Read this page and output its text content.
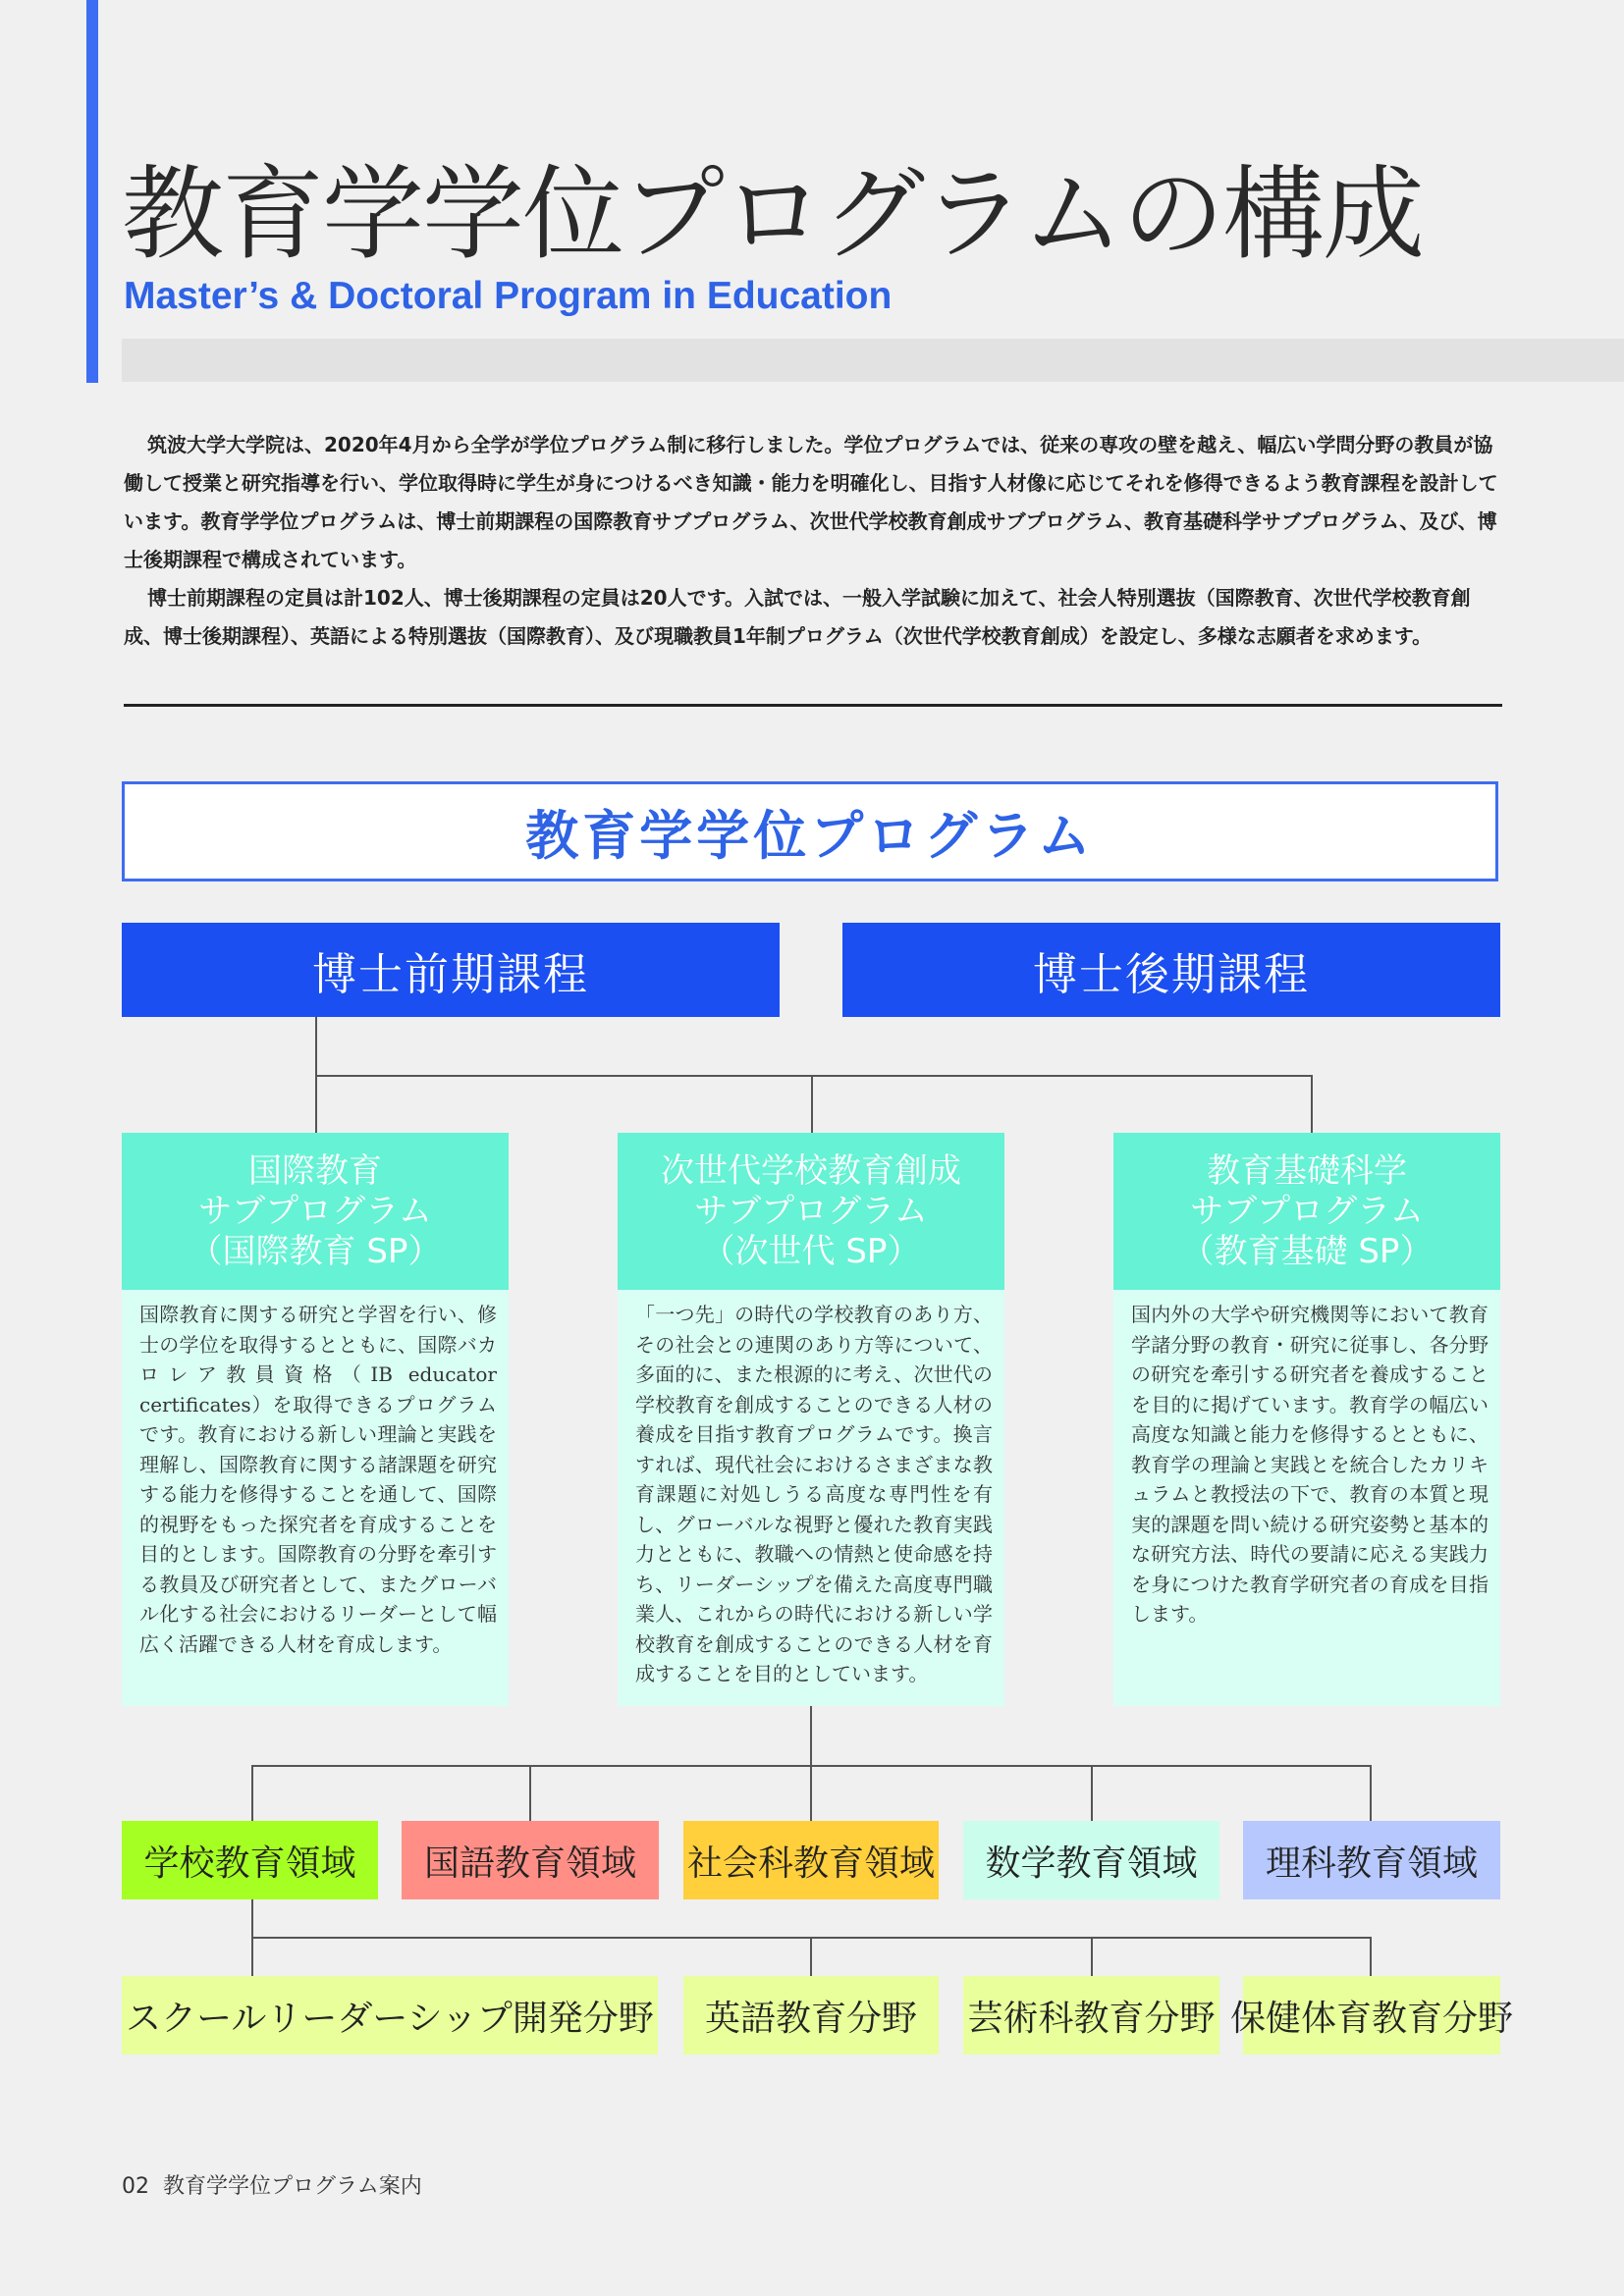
教育学学位プログラムの構成
Master’s & Doctoral Program in Education
筑波大学大学院は、2020年4月から全学が学位プログラム制に移行しました。学位プログラムでは、従来の専攻の壁を越え、幅広い学問分野の教員が協働して授業と研究指導を行い、学位取得時に学生が身につけるべき知識・能力を明確化し、目指す人材像に応じてそれを修得できるよう教育課程を設計しています。教育学学位プログラムは、博士前期課程の国際教育サブプログラム、次世代学校教育創成サブプログラム、教育基礎科学サブプログラム、及び、博士後期課程で構成されています。
博士前期課程の定員は計102人、博士後期課程の定員は20人です。入試では、一般入学試験に加えて、社会人特別選抜（国際教育、次世代学校教育創成、博士後期課程）、英語による特別選抜（国際教育）、及び現職教員1年制プログラム（次世代学校教育創成）を設定し、多様な志願者を求めます。
教育学学位プログラム
博士前期課程	博士後期課程
国際教育
サブプログラム
（国際教育 SP）
国際教育に関する研究と学習を行い、修士の学位を取得するとともに、国際バカロレア教員資格（IB educator certificates）を取得できるプログラムです。教育における新しい理論と実践を理解し、国際教育に関する諸課題を研究する能力を修得することを通して、国際的視野をもった探究者を育成することを目的とします。国際教育の分野を牽引する教員及び研究者として、またグローバル化する社会におけるリーダーとして幅広く活躍できる人材を育成します。
次世代学校教育創成
サブプログラム
（次世代 SP）
「一つ先」の時代の学校教育のあり方、その社会との連関のあり方等について、多面的に、また根源的に考え、次世代の学校教育を創成することのできる人材の養成を目指す教育プログラムです。換言すれば、現代社会におけるさまざまな教育課題に対処しうる高度な専門性を有し、グローバルな視野と優れた教育実践力とともに、教職への情熱と使命感を持ち、リーダーシップを備えた高度専門職業人、これからの時代における新しい学校教育を創成することのできる人材を育成することを目的としています。
教育基礎科学
サブプログラム
（教育基礎 SP）
国内外の大学や研究機関等において教育学諸分野の教育・研究に従事し、各分野の研究を牽引する研究者を養成することを目的に掲げています。教育学の幅広い高度な知識と能力を修得するとともに、教育学の理論と実践とを統合したカリキュラムと教授法の下で、教育の本質と現実的課題を問い続ける研究姿勢と基本的な研究方法、時代の要請に応える実践力を身につけた教育学研究者の育成を目指します。
学校教育領域 国語教育領域 社会科教育領域 数学教育領域 理科教育領域
スクールリーダーシップ開発分野 英語教育分野 芸術科教育分野 保健体育教育分野
02 教育学学位プログラム案内
